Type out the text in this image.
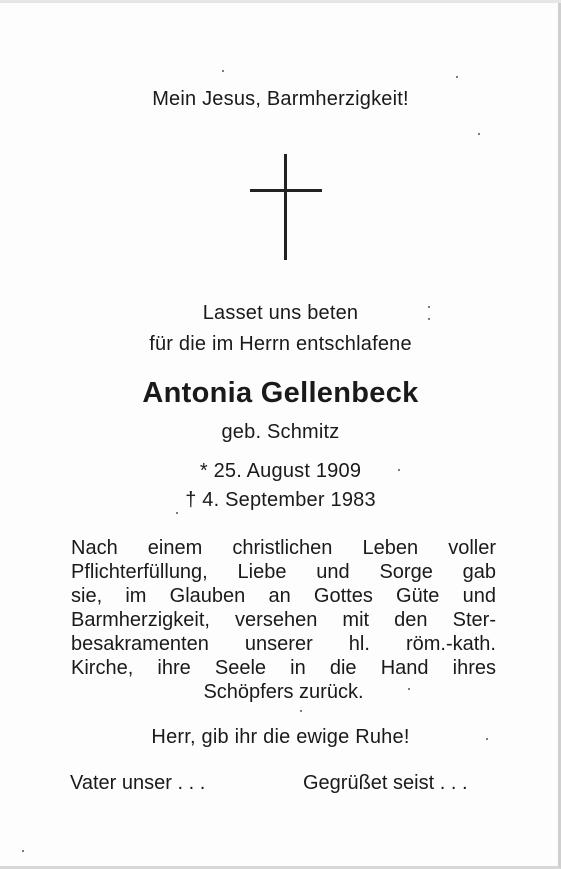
Mein Jesus, Barmherzigkeit!
Lasset uns beten
für die im Herrn entschlafene
Antonia Gellenbeck
geb. Schmitz
* 25. August 1909
† 4. September 1983
Nach einem christlichen Leben voller
Pflichterfüllung, Liebe und Sorge gab
sie, im Glauben an Gottes Güte und
Barmherzigkeit, versehen mit den Ster-
besakramenten unserer hl. röm.-kath.
Kirche, ihre Seele in die Hand ihres
Schöpfers zurück.
Herr, gib ihr die ewige Ruhe!
Vater unser . . .	Gegrüßet seist . . .
